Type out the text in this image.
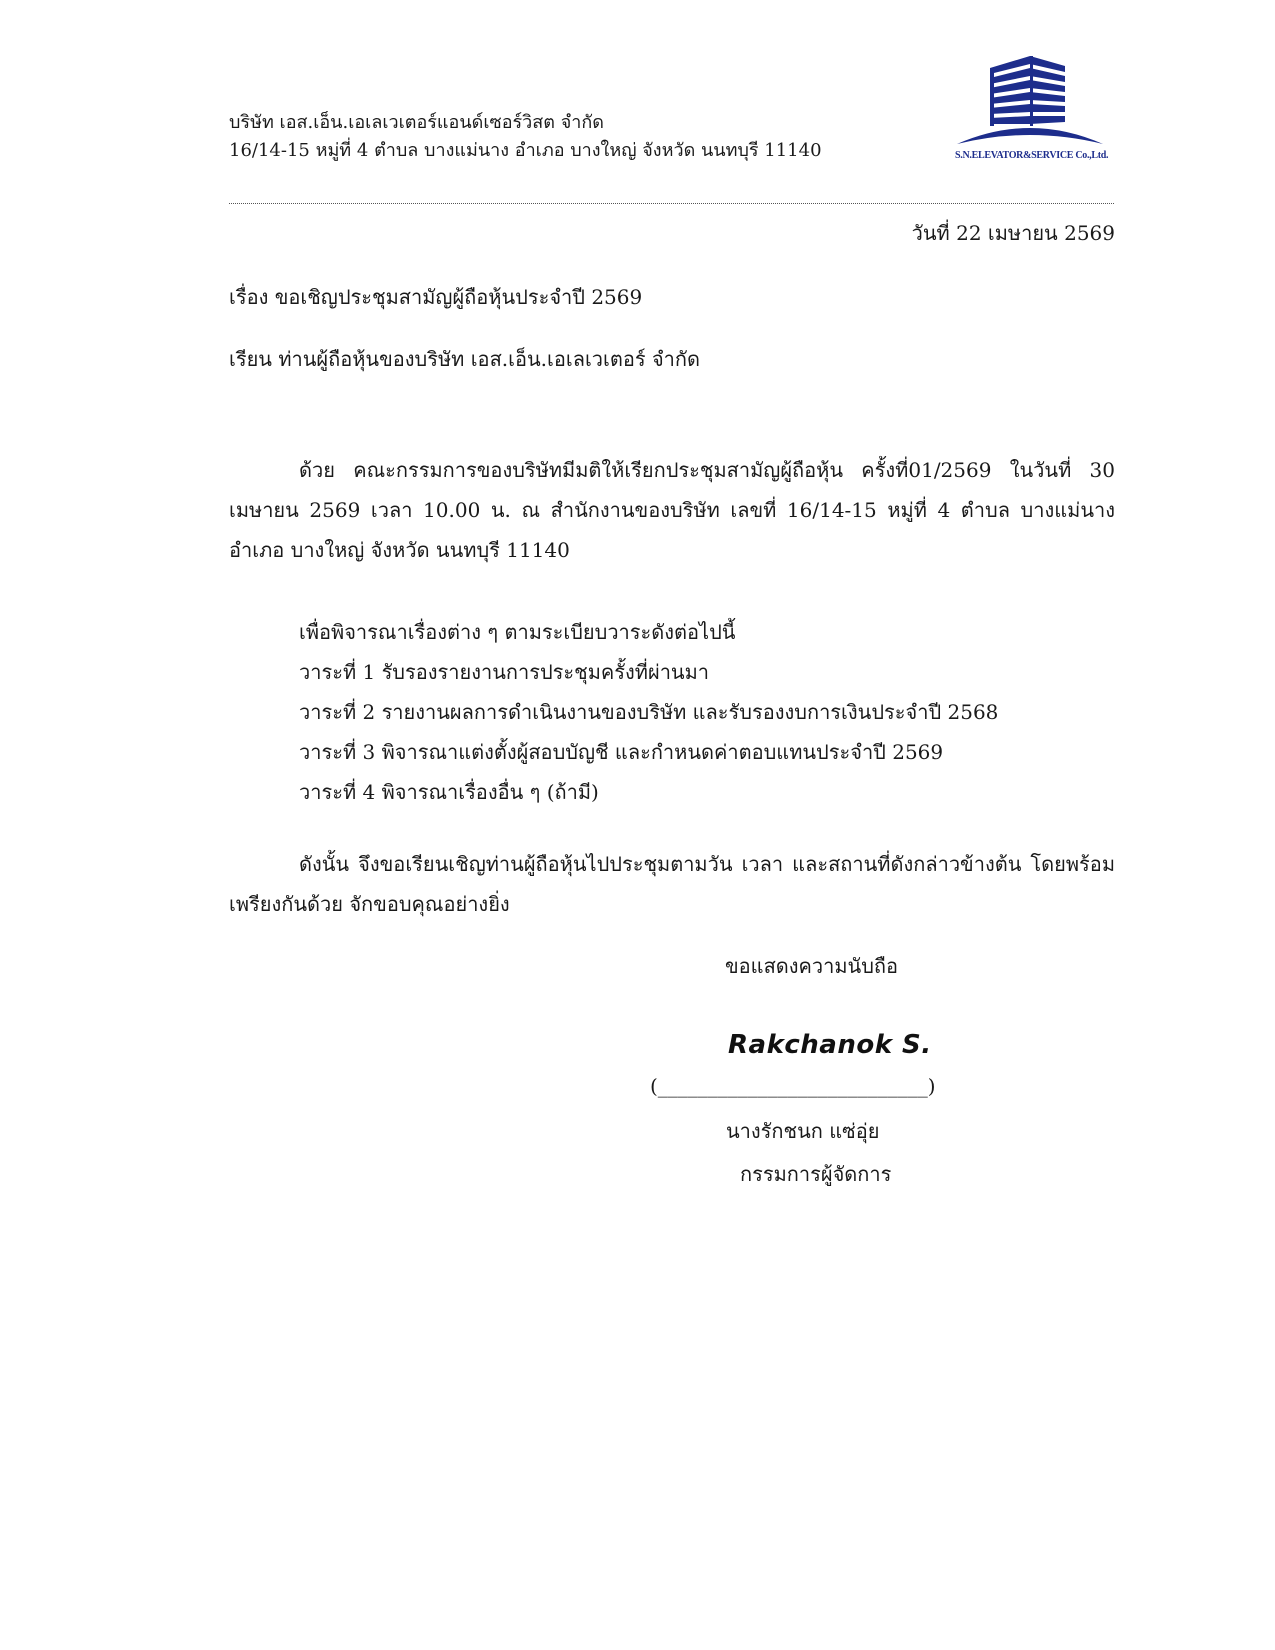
บริษัท เอส.เอ็น.เอเลเวเตอร์แอนด์เซอร์วิสต จำกัด
16/14-15 หมู่ที่ 4 ตำบล บางแม่นาง อำเภอ บางใหญ่ จังหวัด นนทบุรี 11140	S.N.ELEVATOR&SERVICE Co.,Ltd.
วันที่ 22 เมษายน 2569
เรื่อง ขอเชิญประชุมสามัญผู้ถือหุ้นประจำปี 2569
เรียน ท่านผู้ถือหุ้นของบริษัท เอส.เอ็น.เอเลเวเตอร์ จำกัด
ด้วย คณะกรรมการของบริษัทมีมติให้เรียกประชุมสามัญผู้ถือหุ้น ครั้งที่01/2569 ในวันที่ 30 เมษายน 2569 เวลา 10.00 น. ณ สำนักงานของบริษัท เลขที่ 16/14-15 หมู่ที่ 4 ตำบล บางแม่นาง อำเภอ บางใหญ่ จังหวัด นนทบุรี 11140
เพื่อพิจารณาเรื่องต่าง ๆ ตามระเบียบวาระดังต่อไปนี้
วาระที่ 1 รับรองรายงานการประชุมครั้งที่ผ่านมา
วาระที่ 2 รายงานผลการดำเนินงานของบริษัท และรับรองงบการเงินประจำปี 2568
วาระที่ 3 พิจารณาแต่งตั้งผู้สอบบัญชี และกำหนดค่าตอบแทนประจำปี 2569
วาระที่ 4 พิจารณาเรื่องอื่น ๆ (ถ้ามี)
ดังนั้น จึงขอเรียนเชิญท่านผู้ถือหุ้นไปประชุมตามวัน เวลา และสถานที่ดังกล่าวข้างต้น โดยพร้อมเพรียงกันด้วย จักขอบคุณอย่างยิ่ง
ขอแสดงความนับถือ
Rakchanok S.
(___________________________)
นางรักชนก แซ่อุ่ย
กรรมการผู้จัดการ
